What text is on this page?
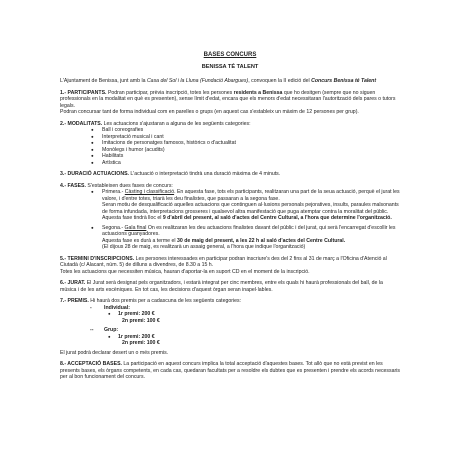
BASES CONCURS

BENISSA TÉ TALENT

L'Ajuntament de Benissa, junt amb la Casa del Sol i la Lluna (Fundació Abargues), convoquen la II edició del Concurs Benissa té Talent

1.- PARTICIPANTS. Podran participar, prèvia inscripció, totes les persones residents a Benissa que ho desitgen (sempre que no siguen professionals en la modalitat en què es presenten), sense límit d'edat, encara que els menors d'edat necessitaran l'autorització dels pares o tutors legals.

Podran concursar tant de forma individual com en parelles o grups (en aquest cas s'estableix un màxim de 12 persones per grup).

2.- MODALITATS. Les actuacions s'ajustaran a alguna de les següents categories:

● Ball i coreografies
● Interpretació musical i cant
● Imitacions de personatges famosos, històrics o d'actualitat
● Monòlegs i humor (acudits)
● Habilitats
● Artística

3.- DURACIÓ ACTUACIONS. L'actuació o interpretació tindrà una duració màxima de 4 minuts.

4.- FASES. S'estableixen dues fases de concurs:

● Primera.- Càsting i classificació. En aquesta fase, tots els participants, realitzaran una part de la seua actuació, perquè el jurat les valore, i d'entre totes, triarà les deu finalistes, que passaran a la segona fase.

Seran motiu de desqualificació aquelles actuacions que continguen al·lusions personals pejoratives, insults, paraules malsonants de forma infundada, interpretacions grosseres i qualsevol altra manifestació que puga atemptar contra la moralitat del públic.

Aquesta fase tindrà lloc el 9 d'abril del present, al saló d'actes del Centre Cultural, a l'hora que determine l'organització.

● Segona.- Gala final On es realitzaran les deu actuacions finalistes davant del públic i del jurat, qui serà l'encarregat d'escollir les actuacions guanyadores.

Aquesta fase es durà a terme el 30 de maig del present, a les 22 h al saló d'actes del Centre Cultural.

(El dijous 28 de maig, es realitzarà un assaig general, a l'hora que indique l'organització)

5.- TERMINI D'INSCRIPCIONS. Les persones interessades en participar podran inscriure's des del 2 fins al 31 de març a l'Oficina d'Atenció al Ciutadà (c/ Alacant, núm. 5) de dilluns a divendres, de 8.30 a 15 h.

Totes les actuacions que necessiten música, hauran d'aportar-la en suport CD en el moment de la inscripció.

6.- JURAT. El Jurat serà designat pels organitzadors, i estarà integrat per cinc membres, entre els quals hi haurà professionals del ball, de la música i de les arts escèniques. En tot cas, les decisions d'aquest òrgan seran inapel·lables.

7.- PREMIS. Hi haurà dos premis per a cadascuna de les següents categories:

- Individual:

● 1r premi: 200 €

2n premi: 100 €

-- Grup:

● 1r premi: 200 €

2n premi: 100 €

El jurat podrà declarar desert un o més premis.

8.- ACCEPTACIÓ BASES. La participació en aquest concurs implica la total acceptació d'aquestes bases. Tot allò que no està previst en les presents bases, els òrgans competents, en cada cas, quedaran facultats per a resoldre els dubtes que es presenten i prendre els acords necessaris per al bon funcionament del concurs.
